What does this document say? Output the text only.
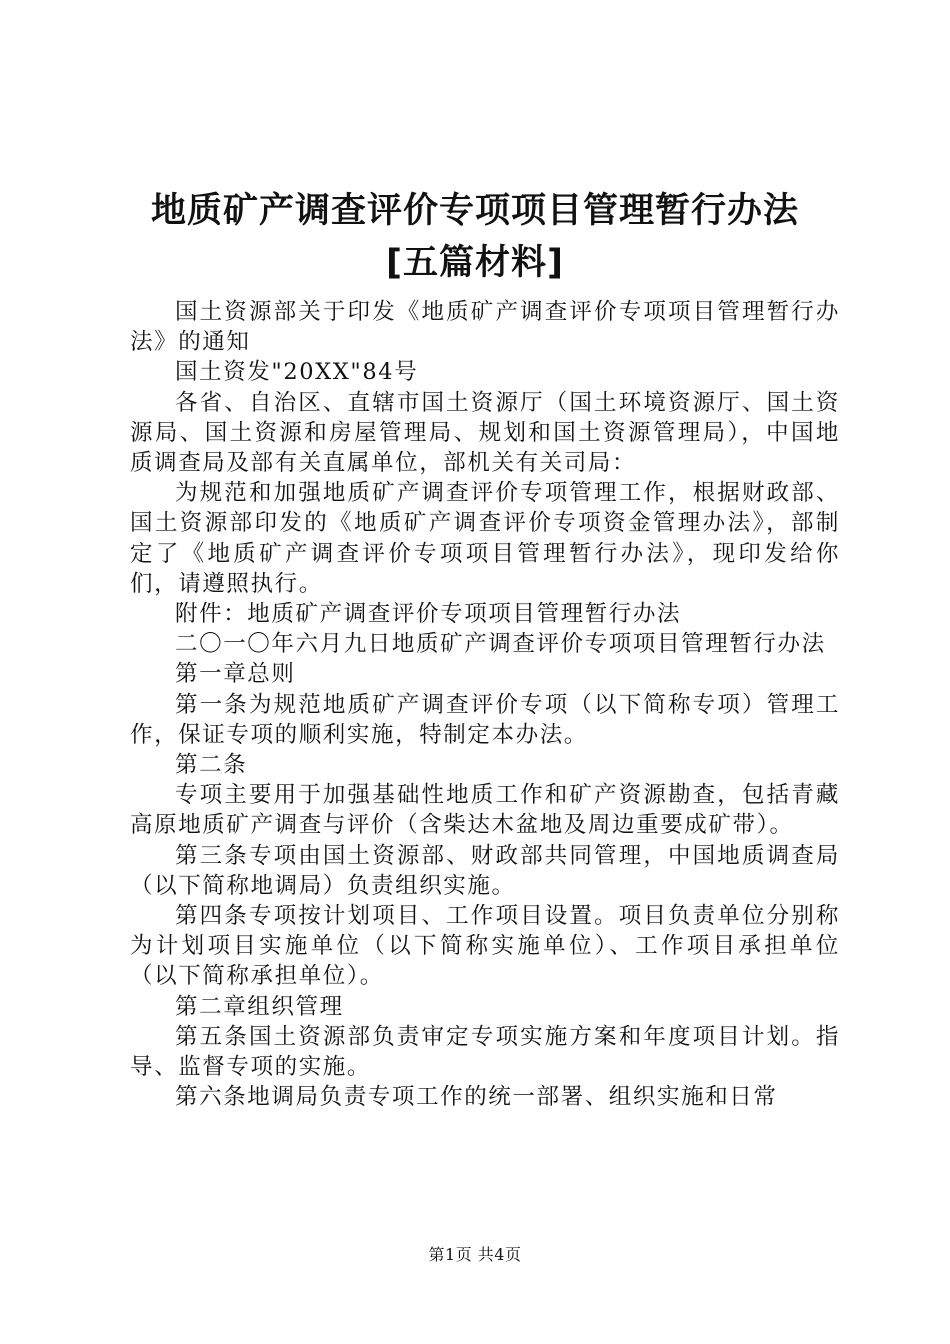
地质矿产调查评价专项项目管理暂行办法[五篇材料]

国土资源部关于印发《地质矿产调查评价专项项目管理暂行办法》的通知

国土资发"20XX"84号

各省、自治区、直辖市国土资源厅（国土环境资源厅、国土资源局、国土资源和房屋管理局、规划和国土资源管理局），中国地质调查局及部有关直属单位，部机关有关司局：

为规范和加强地质矿产调查评价专项管理工作，根据财政部、国土资源部印发的《地质矿产调查评价专项资金管理办法》，部制定了《地质矿产调查评价专项项目管理暂行办法》，现印发给你们，请遵照执行。

附件：地质矿产调查评价专项项目管理暂行办法

二〇一〇年六月九日地质矿产调查评价专项项目管理暂行办法

第一章总则

第一条为规范地质矿产调查评价专项（以下简称专项）管理工作，保证专项的顺利实施，特制定本办法。

第二条

专项主要用于加强基础性地质工作和矿产资源勘查，包括青藏高原地质矿产调查与评价（含柴达木盆地及周边重要成矿带）。

第三条专项由国土资源部、财政部共同管理，中国地质调查局（以下简称地调局）负责组织实施。

第四条专项按计划项目、工作项目设置。项目负责单位分别称为计划项目实施单位（以下简称实施单位）、工作项目承担单位（以下简称承担单位）。

第二章组织管理

第五条国土资源部负责审定专项实施方案和年度项目计划。指导、监督专项的实施。

第六条地调局负责专项工作的统一部署、组织实施和日常

第1页 共4页
